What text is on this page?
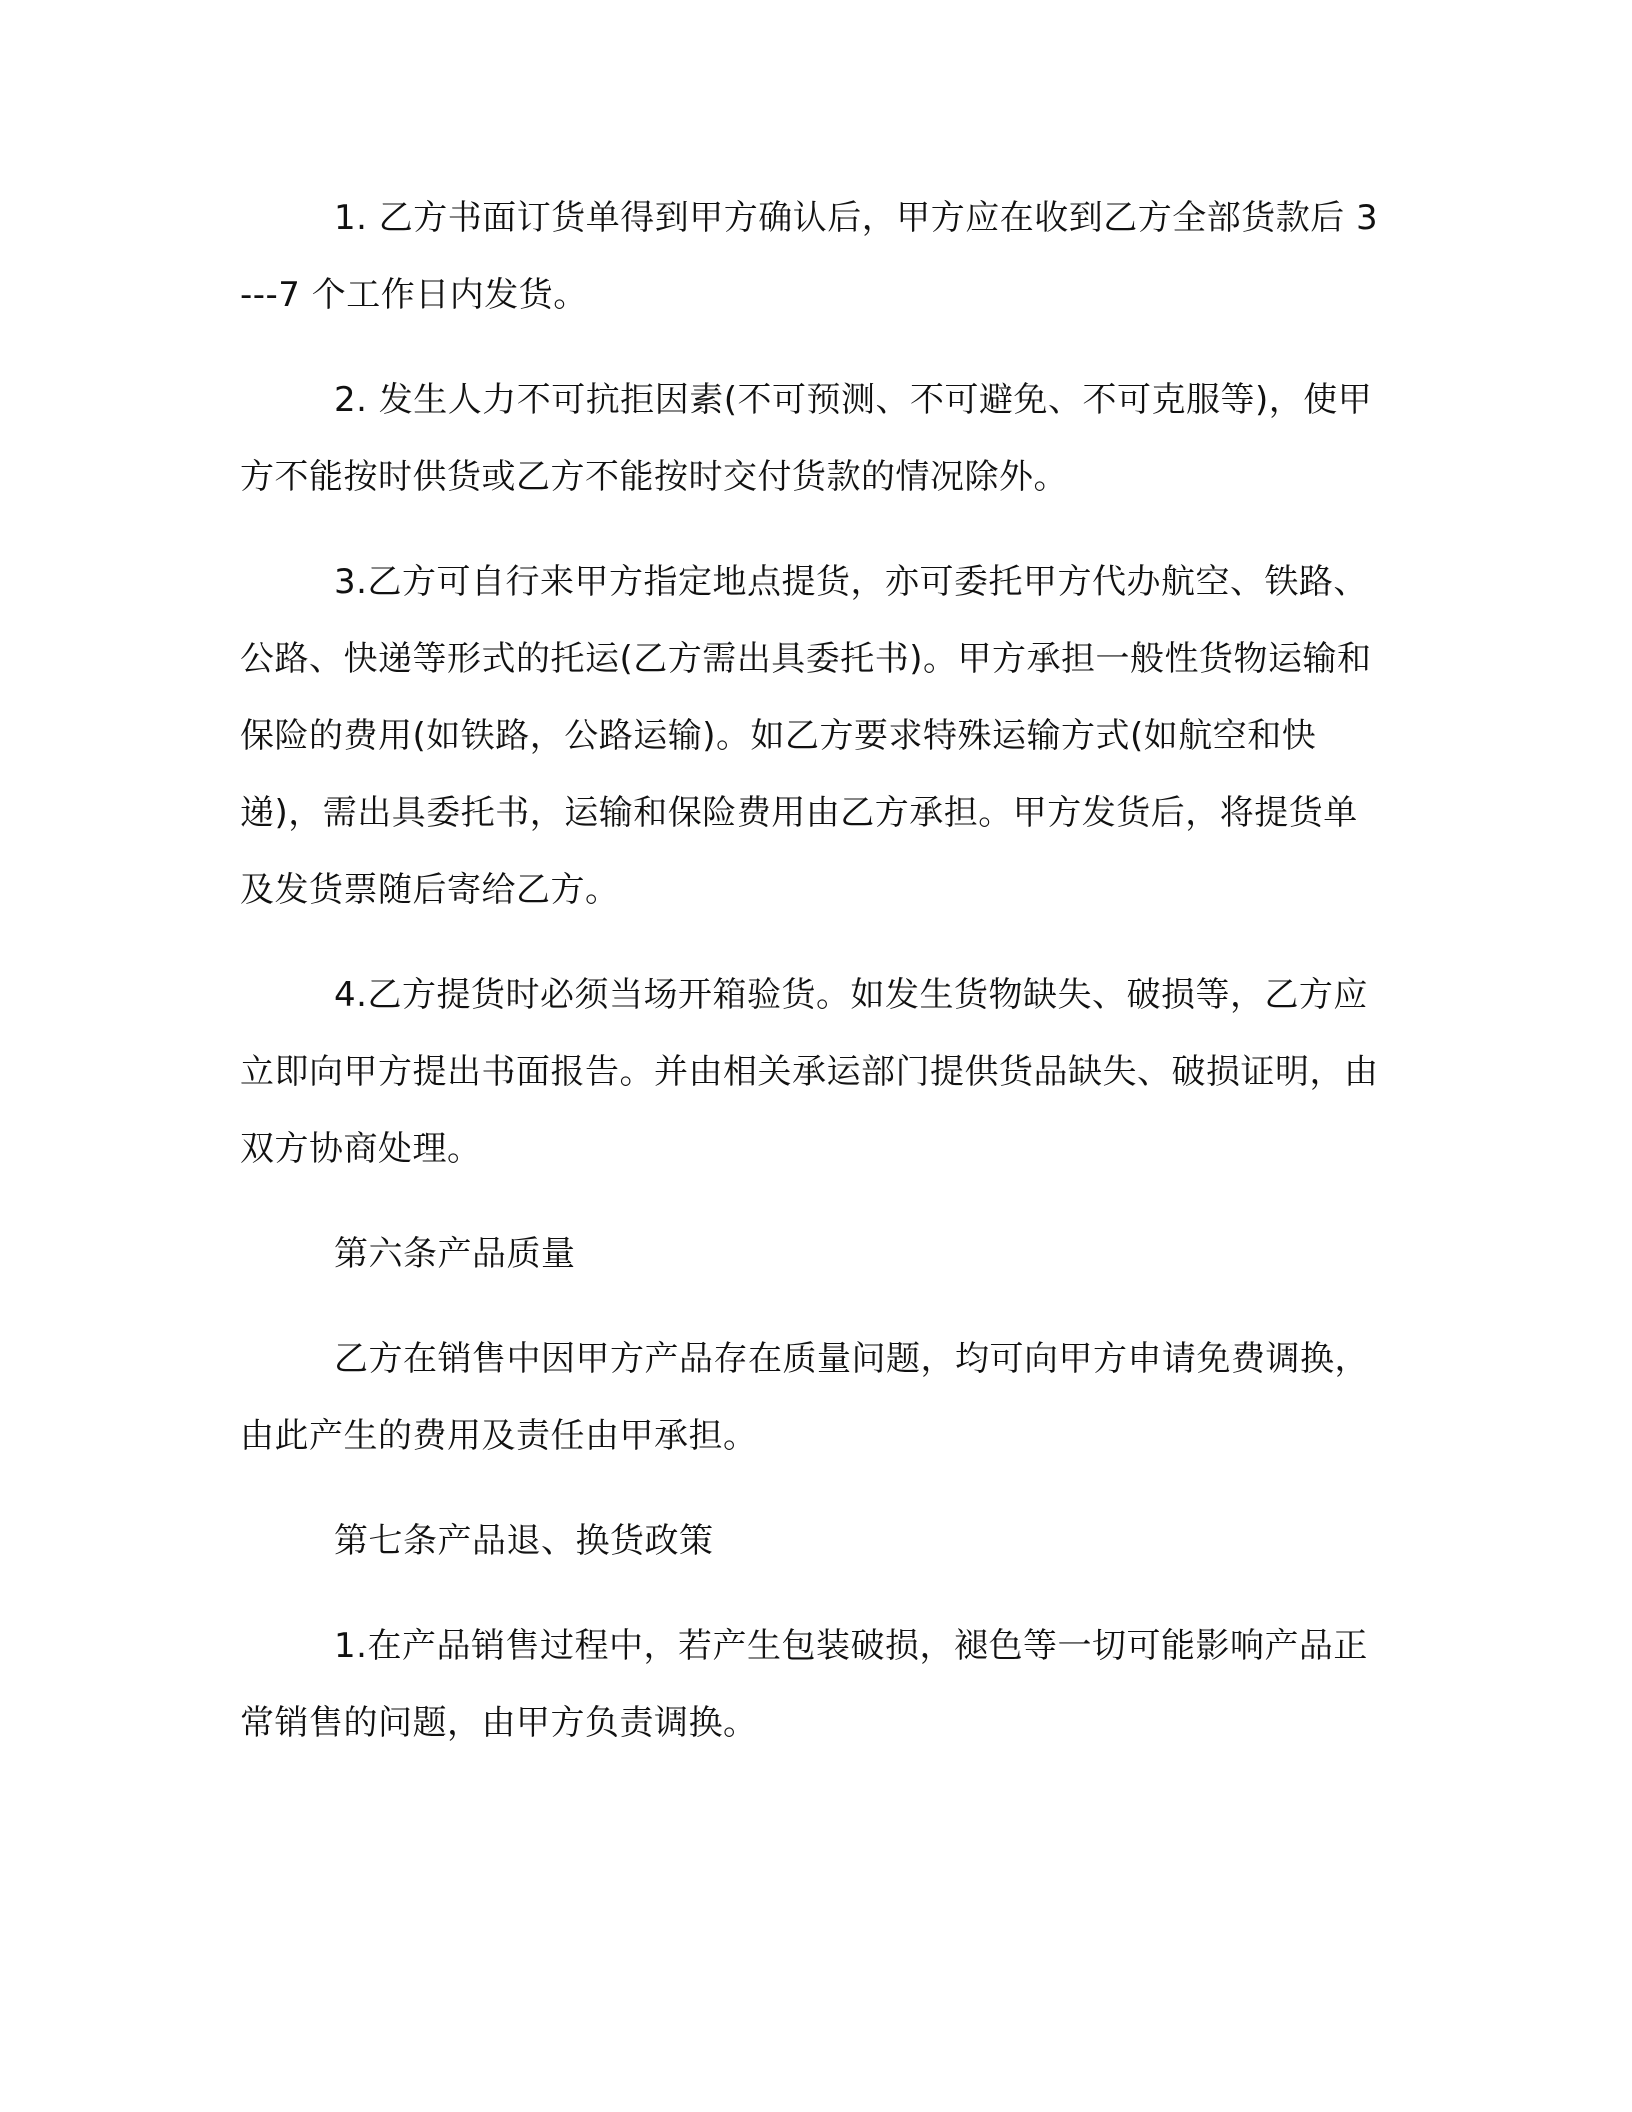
1. 乙方书面订货单得到甲方确认后，甲方应在收到乙方全部货款后 3---7 个工作日内发货。

2. 发生人力不可抗拒因素(不可预测、不可避免、不可克服等)，使甲方不能按时供货或乙方不能按时交付货款的情况除外。

3.乙方可自行来甲方指定地点提货，亦可委托甲方代办航空、铁路、公路、快递等形式的托运(乙方需出具委托书)。甲方承担一般性货物运输和保险的费用(如铁路，公路运输)。如乙方要求特殊运输方式(如航空和快递)，需出具委托书，运输和保险费用由乙方承担。甲方发货后，将提货单及发货票随后寄给乙方。

4.乙方提货时必须当场开箱验货。如发生货物缺失、破损等，乙方应立即向甲方提出书面报告。并由相关承运部门提供货品缺失、破损证明，由双方协商处理。

第六条产品质量

乙方在销售中因甲方产品存在质量问题，均可向甲方申请免费调换，由此产生的费用及责任由甲承担。

第七条产品退、换货政策

1.在产品销售过程中，若产生包装破损，褪色等一切可能影响产品正常销售的问题，由甲方负责调换。
